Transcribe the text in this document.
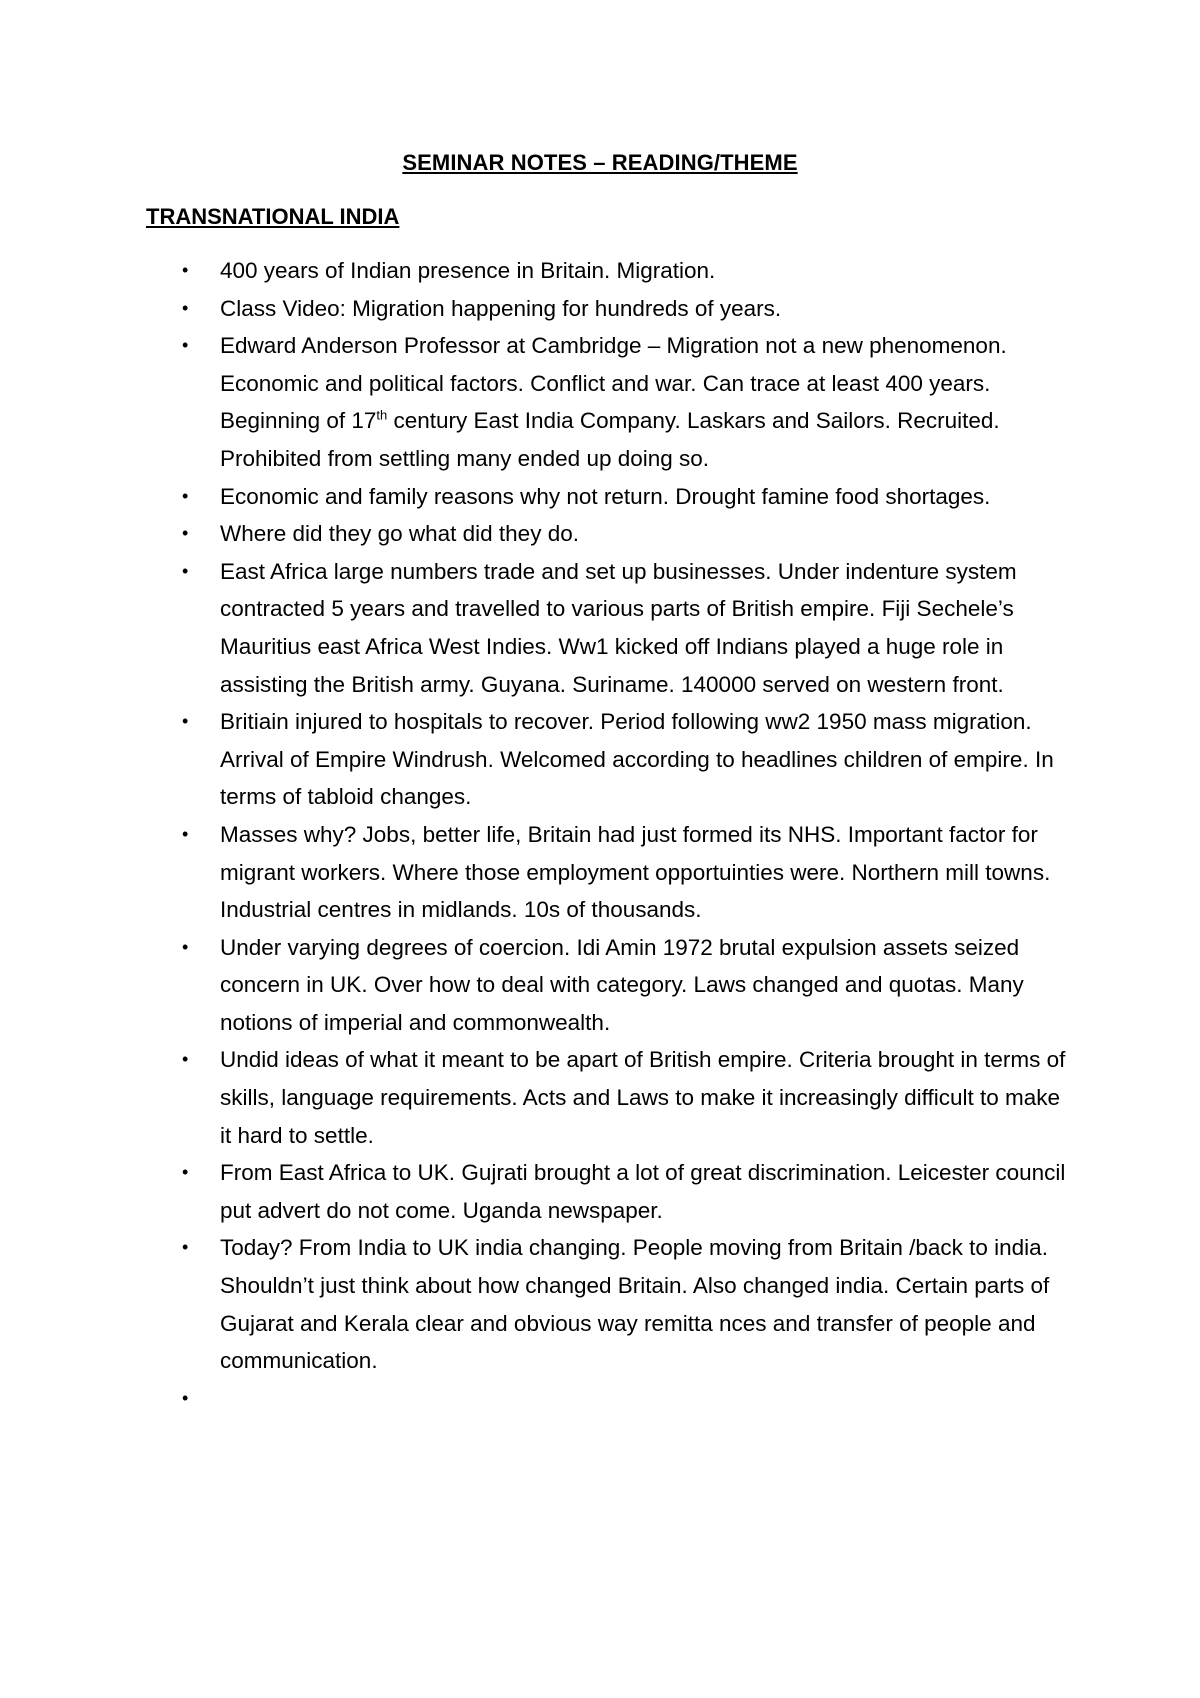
SEMINAR NOTES – READING/THEME
TRANSNATIONAL INDIA
• 400 years of Indian presence in Britain. Migration.
• Class Video: Migration happening for hundreds of years.
• Edward Anderson Professor at Cambridge – Migration not a new phenomenon. Economic and political factors. Conflict and war. Can trace at least 400 years. Beginning of 17th century East India Company. Laskars and Sailors. Recruited. Prohibited from settling many ended up doing so.
• Economic and family reasons why not return. Drought famine food shortages.
• Where did they go what did they do.
• East Africa large numbers trade and set up businesses. Under indenture system contracted 5 years and travelled to various parts of British empire. Fiji Sechele’s Mauritius east Africa West Indies. Ww1 kicked off Indians played a huge role in assisting the British army. Guyana. Suriname. 140000 served on western front.
• Britiain injured to hospitals to recover. Period following ww2 1950 mass migration. Arrival of Empire Windrush. Welcomed according to headlines children of empire. In terms of tabloid changes.
• Masses why? Jobs, better life, Britain had just formed its NHS. Important factor for migrant workers. Where those employment opportuinties were. Northern mill towns. Industrial centres in midlands. 10s of thousands.
• Under varying degrees of coercion. Idi Amin 1972 brutal expulsion assets seized concern in UK. Over how to deal with category. Laws changed and quotas. Many notions of imperial and commonwealth.
• Undid ideas of what it meant to be apart of British empire. Criteria brought in terms of skills, language requirements. Acts and Laws to make it increasingly difficult to make it hard to settle.
• From East Africa to UK. Gujrati brought a lot of great discrimination. Leicester council put advert do not come. Uganda newspaper.
• Today? From India to UK india changing. People moving from Britain /back to india. Shouldn’t just think about how changed Britain. Also changed india. Certain parts of Gujarat and Kerala clear and obvious way remitta nces and transfer of people and communication.
•
